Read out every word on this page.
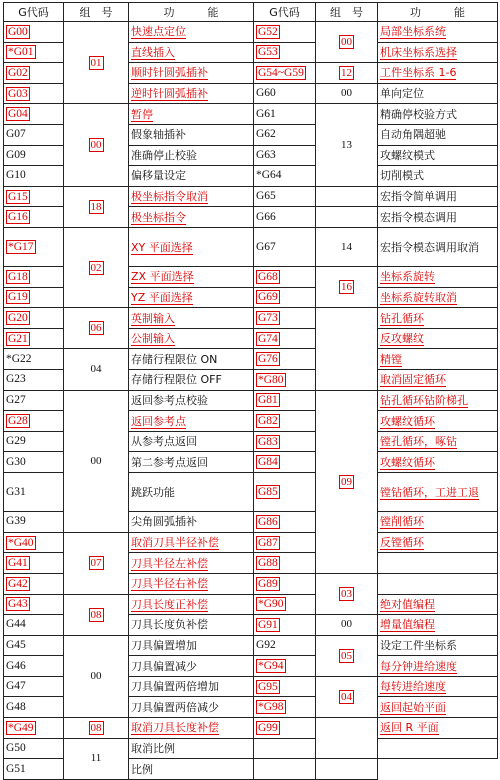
G代码	组　号	功　　　能	G代码	组　号	功　　　能
G00	01	快速点定位	G52	00	局部坐标系统
*G01		直线插入	G53		机床坐标系选择
G02		顺时针圆弧插补	G54~G59	12	工件坐标系 1-6
G03		逆时针圆弧插补	G60	00	单向定位
G04	00	暂停	G61	13	精确停校验方式
G07		假象轴插补	G62		自动角隅超驰
G09		准确停止校验	G63		攻螺纹模式
G10		偏移量设定	*G64		切削模式
G15	18	极坐标指令取消	G65		宏指令简单调用
G16		极坐标指令	G66		宏指令模态调用
*G17	02	XY 平面选择	G67	14	宏指令模态调用取消
G18		ZX 平面选择	G68	16	坐标系旋转
G19		YZ 平面选择	G69		坐标系旋转取消
G20	06	英制输入	G73		钻孔循环
G21		公制输入	G74		反攻螺纹
*G22	04	存储行程限位 ON	G76		精镗
G23		存储行程限位 OFF	*G80		取消固定循环
G27	00	返回参考点校验	G81	09	钻孔循环钻阶梯孔
G28		返回参考点	G82		攻螺纹循环
G29		从参考点返回	G83		镗孔循环，啄钻
G30		第二参考点返回	G84		攻螺纹循环
G31		跳跃功能	G85		镗钻循环，工进工退
G39		尖角圆弧插补	G86		镗削循环
*G40	07	取消刀具半径补偿	G87		反镗循环
G41		刀具半径左补偿	G88		
G42		刀具半径右补偿	G89	03	
G43	08	刀具长度正补偿	*G90		绝对值编程
G44		刀具长度负补偿	G91	00	增量值编程
G45	00	刀具偏置增加	G92	05	设定工件坐标系
G46		刀具偏置减少	*G94		每分钟进给速度
G47		刀具偏置两倍增加	G95	04	每转进给速度
G48		刀具偏置两倍减少	*G98		返回起始平面
*G49	08	取消刀具长度补偿	G99		返回 R 平面
G50	11	取消比例			
G51		比例			
